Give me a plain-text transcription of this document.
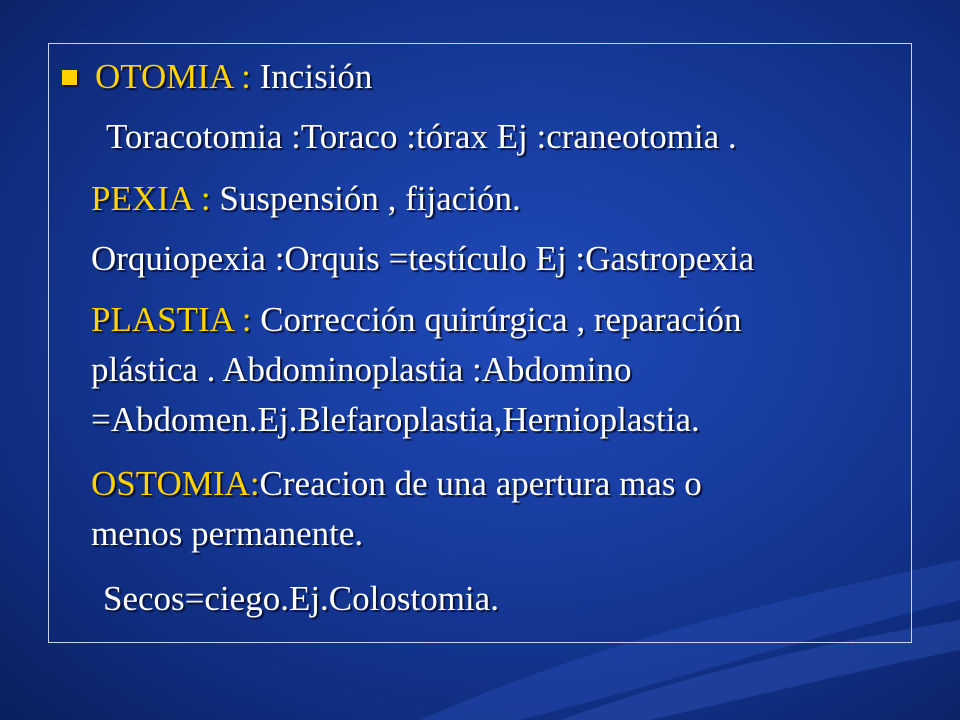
OTOMIA : Incisión
Toracotomia :Toraco :tórax Ej :craneotomia .
PEXIA : Suspensión , fijación.
Orquiopexia :Orquis =testículo Ej :Gastropexia
PLASTIA : Corrección quirúrgica , reparación
plástica . Abdominoplastia :Abdomino
=Abdomen.Ej.Blefaroplastia,Hernioplastia.
OSTOMIA:Creacion de una apertura mas o
menos permanente.
Secos=ciego.Ej.Colostomia.
